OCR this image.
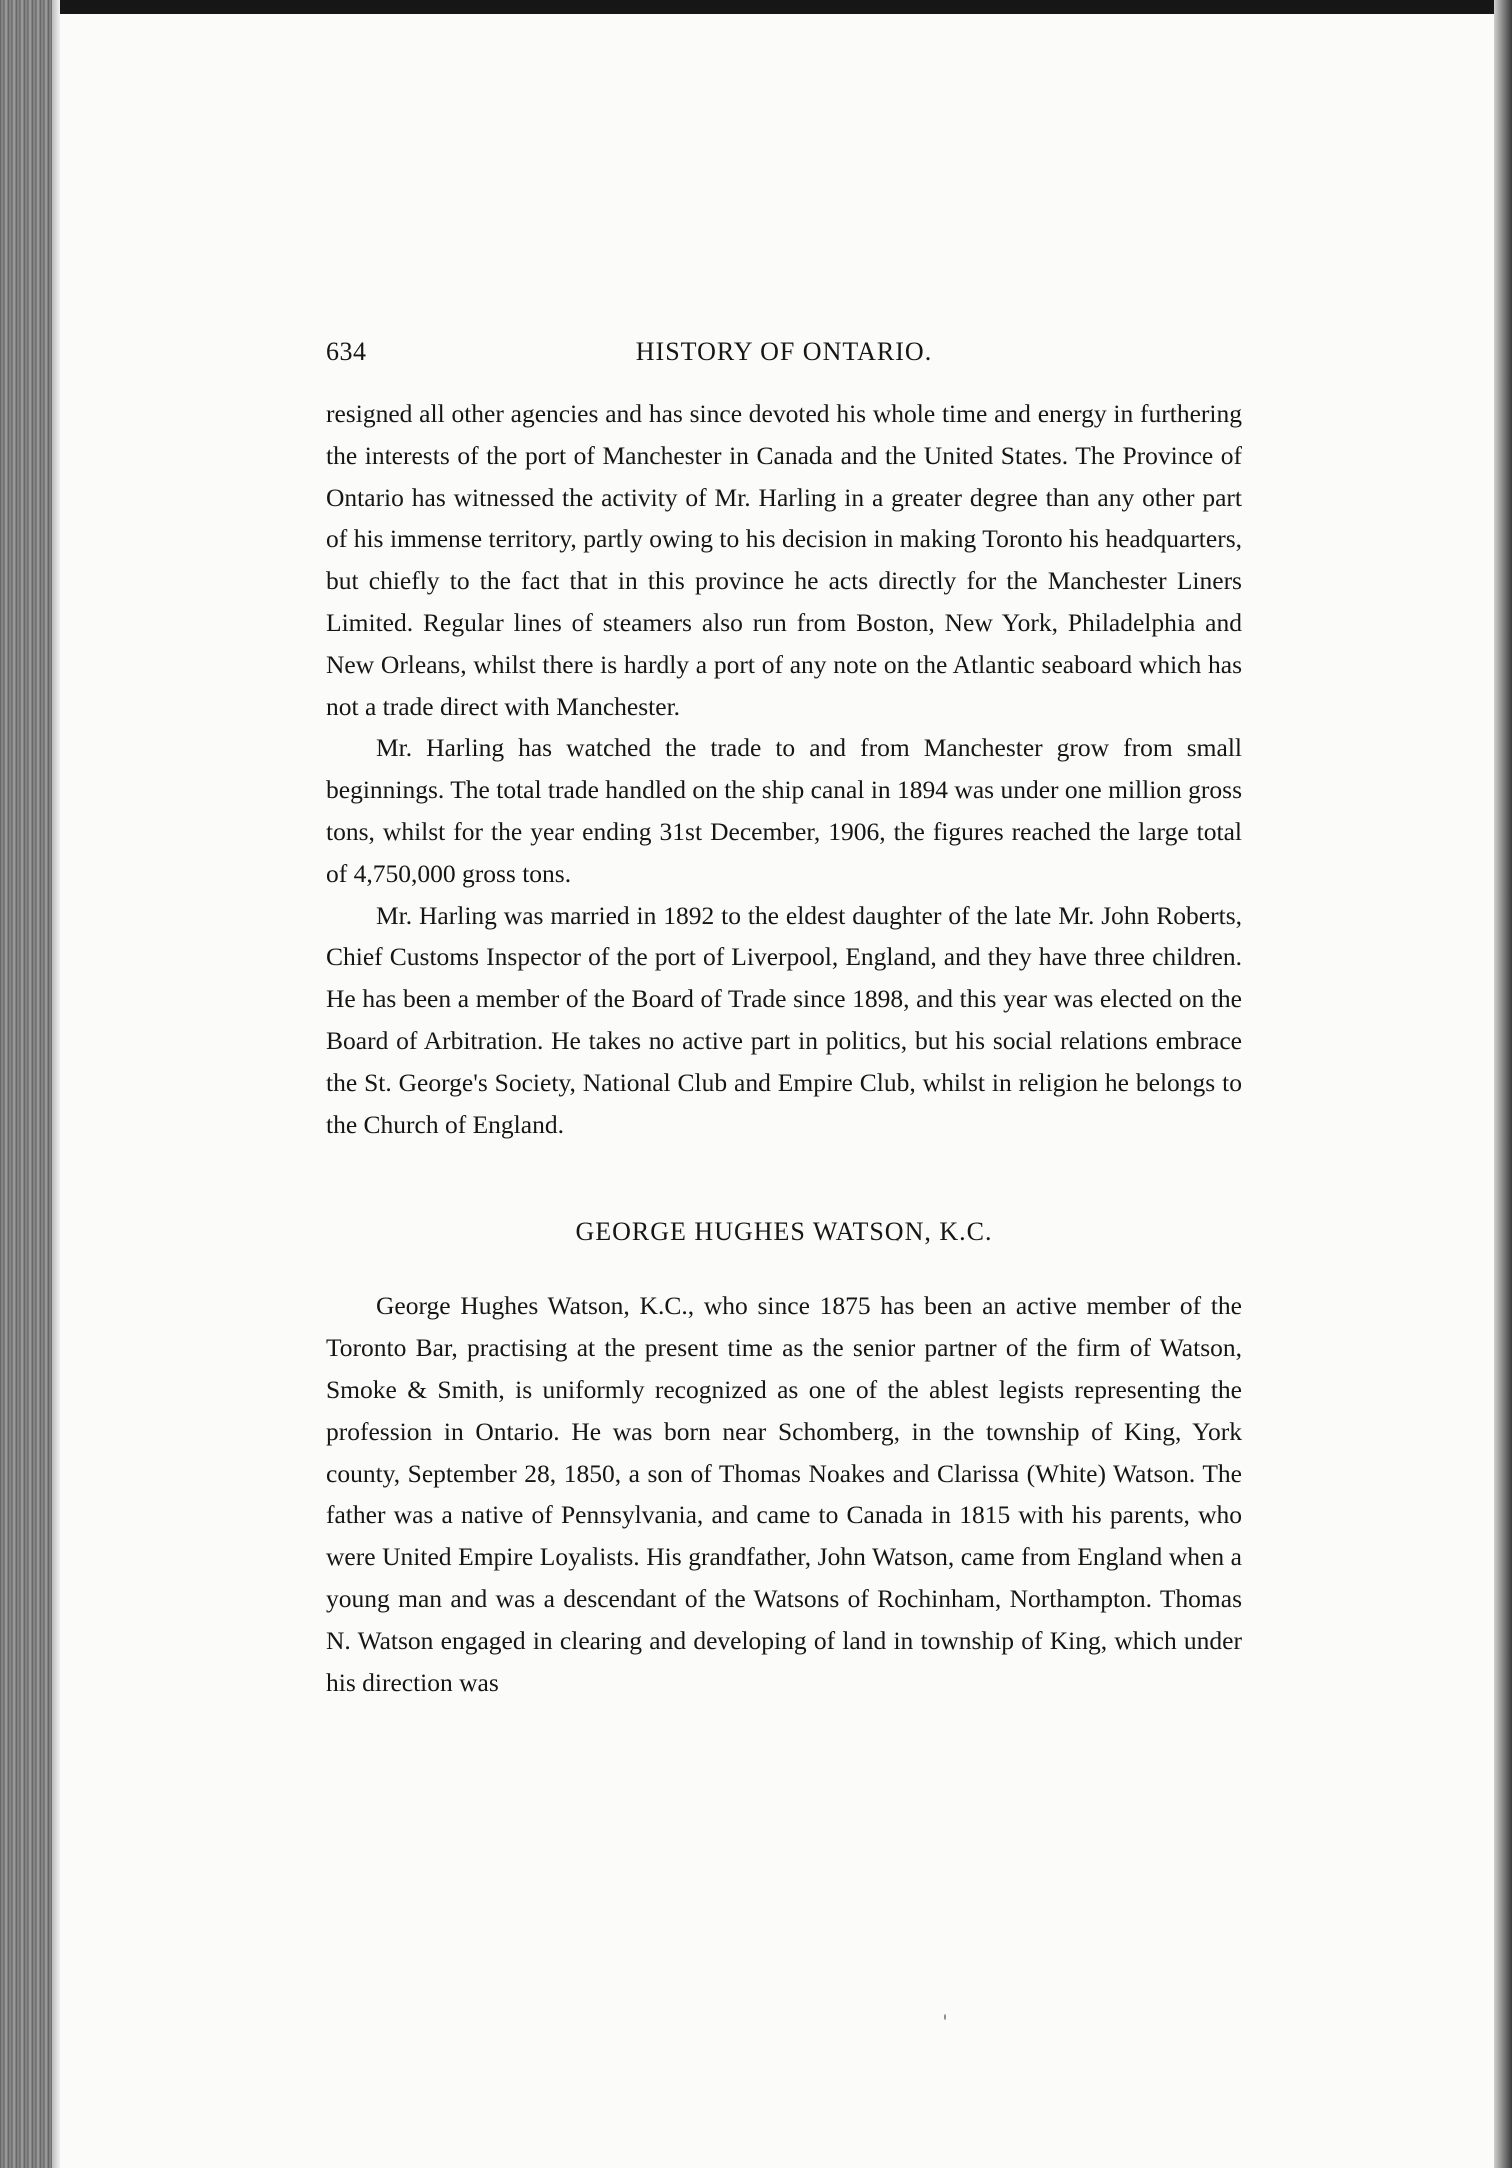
634	HISTORY OF ONTARIO.

resigned all other agencies and has since devoted his whole time and energy in furthering the interests of the port of Manchester in Canada and the United States. The Province of Ontario has witnessed the activity of Mr. Harling in a greater degree than any other part of his immense territory, partly owing to his decision in making Toronto his headquarters, but chiefly to the fact that in this province he acts directly for the Manchester Liners Limited. Regular lines of steamers also run from Boston, New York, Philadelphia and New Orleans, whilst there is hardly a port of any note on the Atlantic seaboard which has not a trade direct with Manchester.

Mr. Harling has watched the trade to and from Manchester grow from small beginnings. The total trade handled on the ship canal in 1894 was under one million gross tons, whilst for the year ending 31st December, 1906, the figures reached the large total of 4,750,000 gross tons.

Mr. Harling was married in 1892 to the eldest daughter of the late Mr. John Roberts, Chief Customs Inspector of the port of Liverpool, England, and they have three children. He has been a member of the Board of Trade since 1898, and this year was elected on the Board of Arbitration. He takes no active part in politics, but his social relations embrace the St. George's Society, National Club and Empire Club, whilst in religion he belongs to the Church of England.

GEORGE HUGHES WATSON, K.C.

George Hughes Watson, K.C., who since 1875 has been an active member of the Toronto Bar, practising at the present time as the senior partner of the firm of Watson, Smoke & Smith, is uniformly recognized as one of the ablest legists representing the profession in Ontario. He was born near Schomberg, in the township of King, York county, September 28, 1850, a son of Thomas Noakes and Clarissa (White) Watson. The father was a native of Pennsylvania, and came to Canada in 1815 with his parents, who were United Empire Loyalists. His grandfather, John Watson, came from England when a young man and was a descendant of the Watsons of Rochinham, Northampton. Thomas N. Watson engaged in clearing and developing of land in township of King, which under his direction was
